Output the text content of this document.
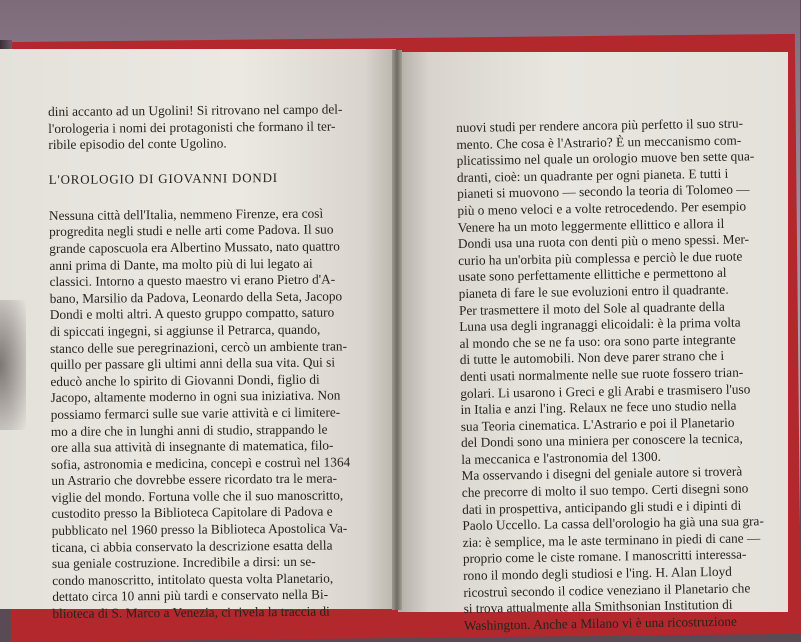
dini accanto ad un Ugolini! Si ritrovano nel campo del-
l'orologeria i nomi dei protagonisti che formano il ter-
ribile episodio del conte Ugolino.
L'OROLOGIO DI GIOVANNI DONDI
Nessuna città dell'Italia, nemmeno Firenze, era così
progredita negli studi e nelle arti come Padova. Il suo
grande caposcuola era Albertino Mussato, nato quattro
anni prima di Dante, ma molto più di lui legato ai
classici. Intorno a questo maestro vi erano Pietro d'A-
bano, Marsilio da Padova, Leonardo della Seta, Jacopo
Dondi e molti altri. A questo gruppo compatto, saturo
di spiccati ingegni, si aggiunse il Petrarca, quando,
stanco delle sue peregrinazioni, cercò un ambiente tran-
quillo per passare gli ultimi anni della sua vita. Qui si
educò anche lo spirito di Giovanni Dondi, figlio di
Jacopo, altamente moderno in ogni sua iniziativa. Non
possiamo fermarci sulle sue varie attività e ci limitere-
mo a dire che in lunghi anni di studio, strappando le
ore alla sua attività di insegnante di matematica, filo-
sofia, astronomia e medicina, concepì e costruì nel 1364
un Astrario che dovrebbe essere ricordato tra le mera-
viglie del mondo. Fortuna volle che il suo manoscritto,
custodito presso la Biblioteca Capitolare di Padova e
pubblicato nel 1960 presso la Biblioteca Apostolica Va-
ticana, ci abbia conservato la descrizione esatta della
sua geniale costruzione. Incredibile a dirsi: un se-
condo manoscritto, intitolato questa volta Planetario,
dettato circa 10 anni più tardi e conservato nella Bi-
blioteca di S. Marco a Venezia, ci rivela la traccia di
nuovi studi per rendere ancora più perfetto il suo stru-
mento. Che cosa è l'Astrario? È un meccanismo com-
plicatissimo nel quale un orologio muove ben sette qua-
dranti, cioè: un quadrante per ogni pianeta. E tutti i
pianeti si muovono — secondo la teoria di Tolomeo —
più o meno veloci e a volte retrocedendo. Per esempio
Venere ha un moto leggermente ellittico e allora il
Dondi usa una ruota con denti più o meno spessi. Mer-
curio ha un'orbita più complessa e perciò le due ruote
usate sono perfettamente ellittiche e permettono al
pianeta di fare le sue evoluzioni entro il quadrante.
Per trasmettere il moto del Sole al quadrante della
Luna usa degli ingranaggi elicoidali: è la prima volta
al mondo che se ne fa uso: ora sono parte integrante
di tutte le automobili. Non deve parer strano che i
denti usati normalmente nelle sue ruote fossero trian-
golari. Li usarono i Greci e gli Arabi e trasmisero l'uso
in Italia e anzi l'ing. Relaux ne fece uno studio nella
sua Teoria cinematica. L'Astrario e poi il Planetario
del Dondi sono una miniera per conoscere la tecnica,
la meccanica e l'astronomia del 1300.
Ma osservando i disegni del geniale autore si troverà
che precorre di molto il suo tempo. Certi disegni sono
dati in prospettiva, anticipando gli studi e i dipinti di
Paolo Uccello. La cassa dell'orologio ha già una sua gra-
zia: è semplice, ma le aste terminano in piedi di cane —
proprio come le ciste romane. I manoscritti interessa-
rono il mondo degli studiosi e l'ing. H. Alan Lloyd
ricostruì secondo il codice veneziano il Planetario che
si trova attualmente alla Smithsonian Institution di
Washington. Anche a Milano vi è una ricostruzione
